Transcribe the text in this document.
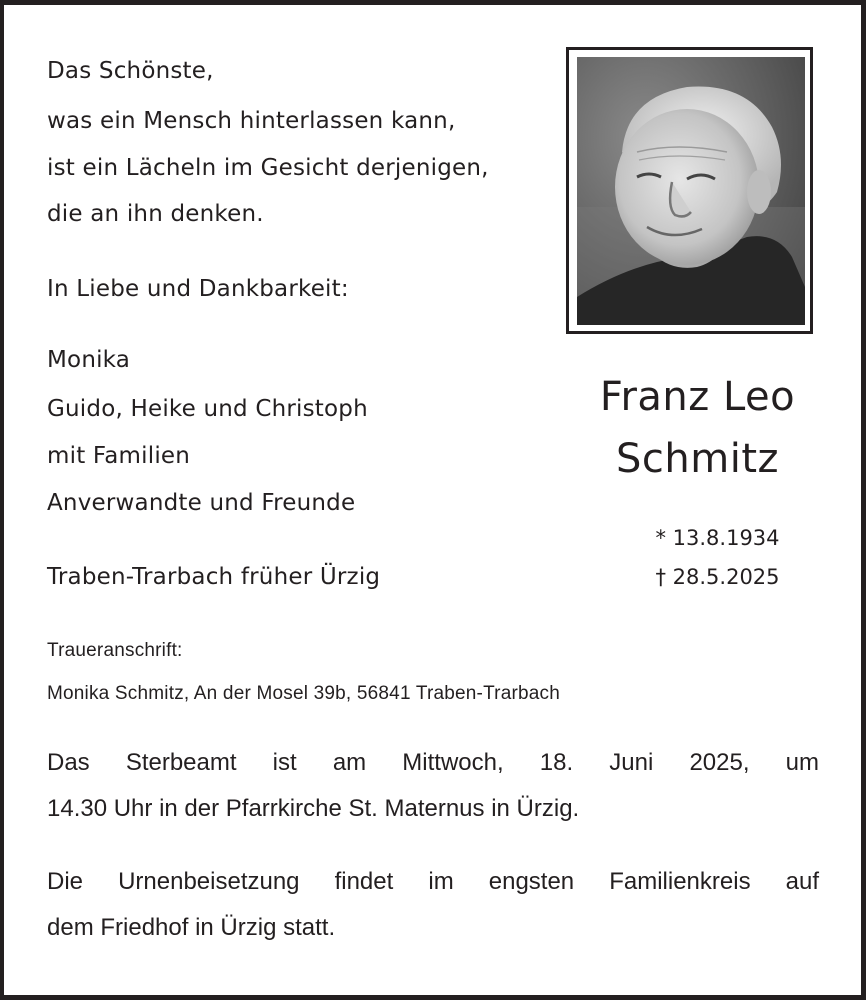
Das Schönste,
was ein Mensch hinterlassen kann,
ist ein Lächeln im Gesicht derjenigen,
die an ihn denken.
In Liebe und Dankbarkeit:
Monika
Guido, Heike und Christoph
mit Familien
Anverwandte und Freunde
Traben-Trarbach früher Ürzig
Franz Leo
Schmitz
* 13.8.1934
† 28.5.2025
Traueranschrift:
Monika Schmitz, An der Mosel 39b, 56841 Traben-Trarbach
Das Sterbeamt ist am Mittwoch, 18. Juni 2025, um
14.30 Uhr in der Pfarrkirche St. Maternus in Ürzig.
Die Urnenbeisetzung findet im engsten Familienkreis auf
dem Friedhof in Ürzig statt.
